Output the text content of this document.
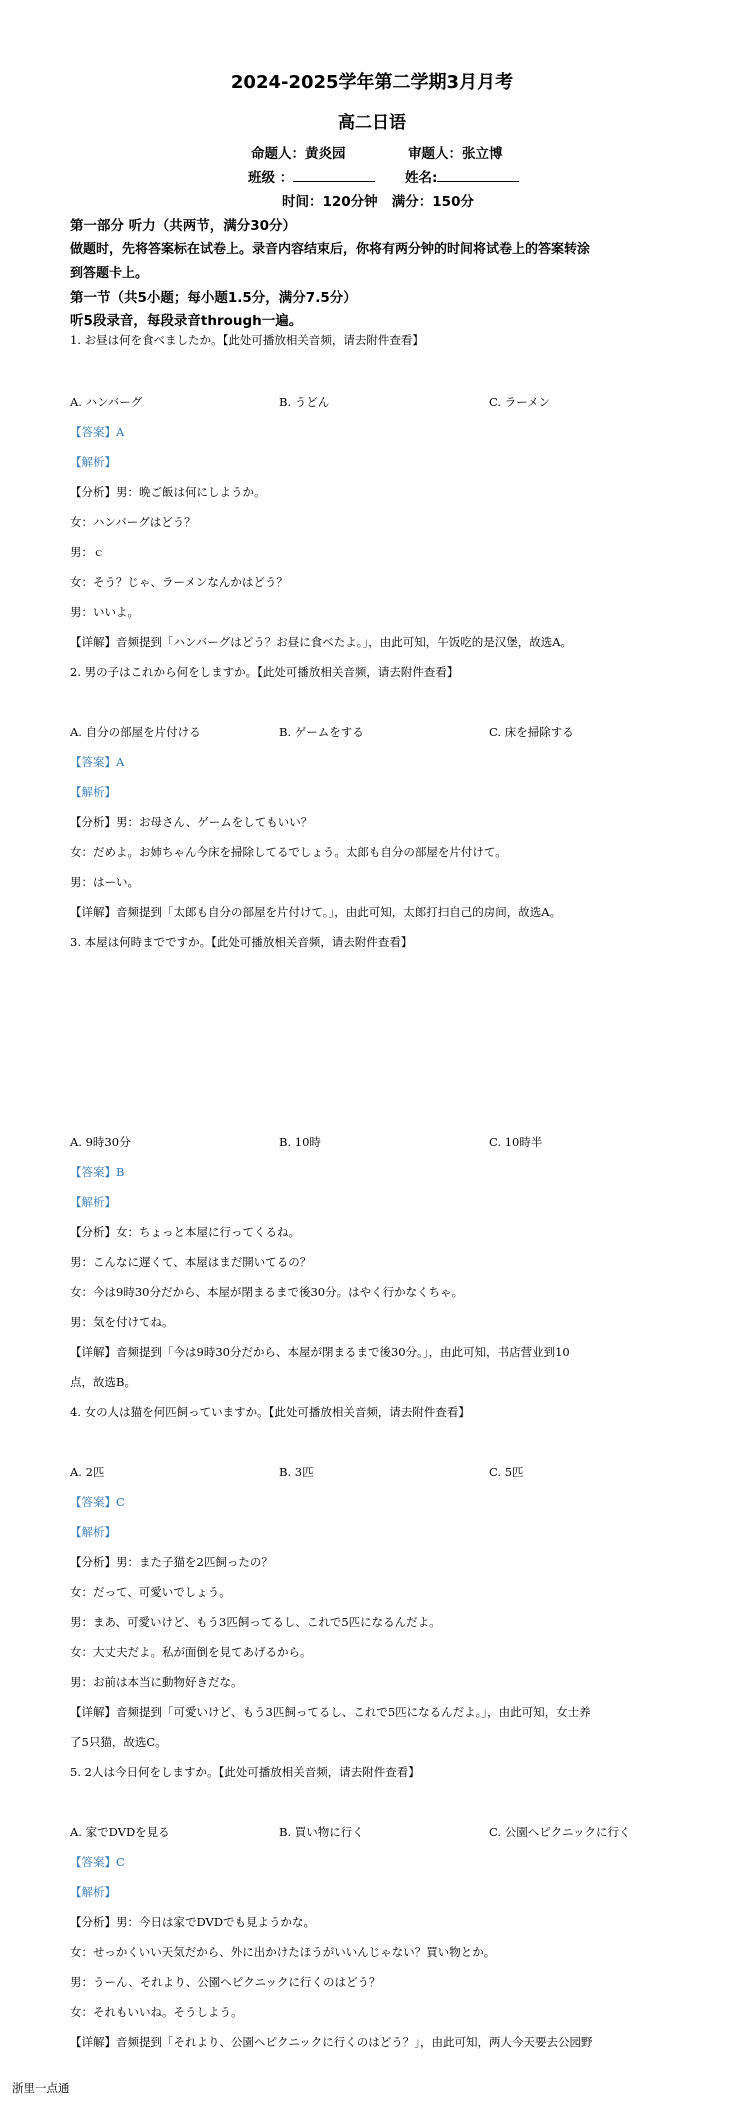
2024-2025学年第二学期3月月考
高二日语
命题人：黄炎园	审题人：张立博
班级 ：	姓名:
时间：120分钟   满分：150分
第一部分 听力（共两节，满分30分）
做题时，先将答案标在试卷上。录音内容结束后，你将有两分钟的时间将试卷上的答案转涂
到答题卡上。
第一节（共5小题；每小题1.5分，满分7.5分）
听5段录音，每段录音through一遍。
1. お昼は何を食べましたか。【此处可播放相关音频，请去附件查看】
A. ハンバーグ	B. うどん	C. ラーメン
【答案】A
【解析】
【分析】男：晩ご飯は何にしようか。
女：ハンバーグはどう？
男：ｃ
女：そう？じゃ、ラーメンなんかはどう？
男：いいよ。
【详解】音频提到「ハンバーグはどう？お昼に食べたよ。」，由此可知，午饭吃的是汉堡，故选A。
2. 男の子はこれから何をしますか。【此处可播放相关音频，请去附件查看】
A. 自分の部屋を片付ける	B. ゲームをする	C. 床を掃除する
【答案】A
【解析】
【分析】男：お母さん、ゲームをしてもいい？
女：だめよ。お姉ちゃん今床を掃除してるでしょう。太郎も自分の部屋を片付けて。
男：はーい。
【详解】音频提到「太郎も自分の部屋を片付けて。」，由此可知，太郎打扫自己的房间，故选A。
3. 本屋は何時までですか。【此处可播放相关音频，请去附件查看】
A. 9時30分	B. 10時	C. 10時半
【答案】B
【解析】
【分析】女：ちょっと本屋に行ってくるね。
男：こんなに遅くて、本屋はまだ開いてるの？
女：今は9時30分だから、本屋が閉まるまで後30分。はやく行かなくちゃ。
男：気を付けてね。
【详解】音频提到「今は9時30分だから、本屋が閉まるまで後30分。」，由此可知，书店营业到10
点，故选B。
4. 女の人は猫を何匹飼っていますか。【此处可播放相关音频，请去附件查看】
A. 2匹	B. 3匹	C. 5匹
【答案】C
【解析】
【分析】男：また子猫を2匹飼ったの？
女：だって、可愛いでしょう。
男：まあ、可愛いけど、もう3匹飼ってるし、これで5匹になるんだよ。
女：大丈夫だよ。私が面倒を見てあげるから。
男：お前は本当に動物好きだな。
【详解】音频提到「可愛いけど、もう3匹飼ってるし、これで5匹になるんだよ。」，由此可知，女士养
了5只猫，故选C。
5. 2人は今日何をしますか。【此处可播放相关音频，请去附件查看】
A. 家でDVDを見る	B. 買い物に行く	C. 公園へピクニックに行く
【答案】C
【解析】
【分析】男：今日は家でDVDでも見ようかな。
女：せっかくいい天気だから、外に出かけたほうがいいんじゃない？買い物とか。
男：うーん、それより、公園へピクニックに行くのはどう？
女：それもいいね。そうしよう。
【详解】音频提到「それより、公園へピクニックに行くのはどう？」，由此可知，两人今天要去公园野
浙里一点通
